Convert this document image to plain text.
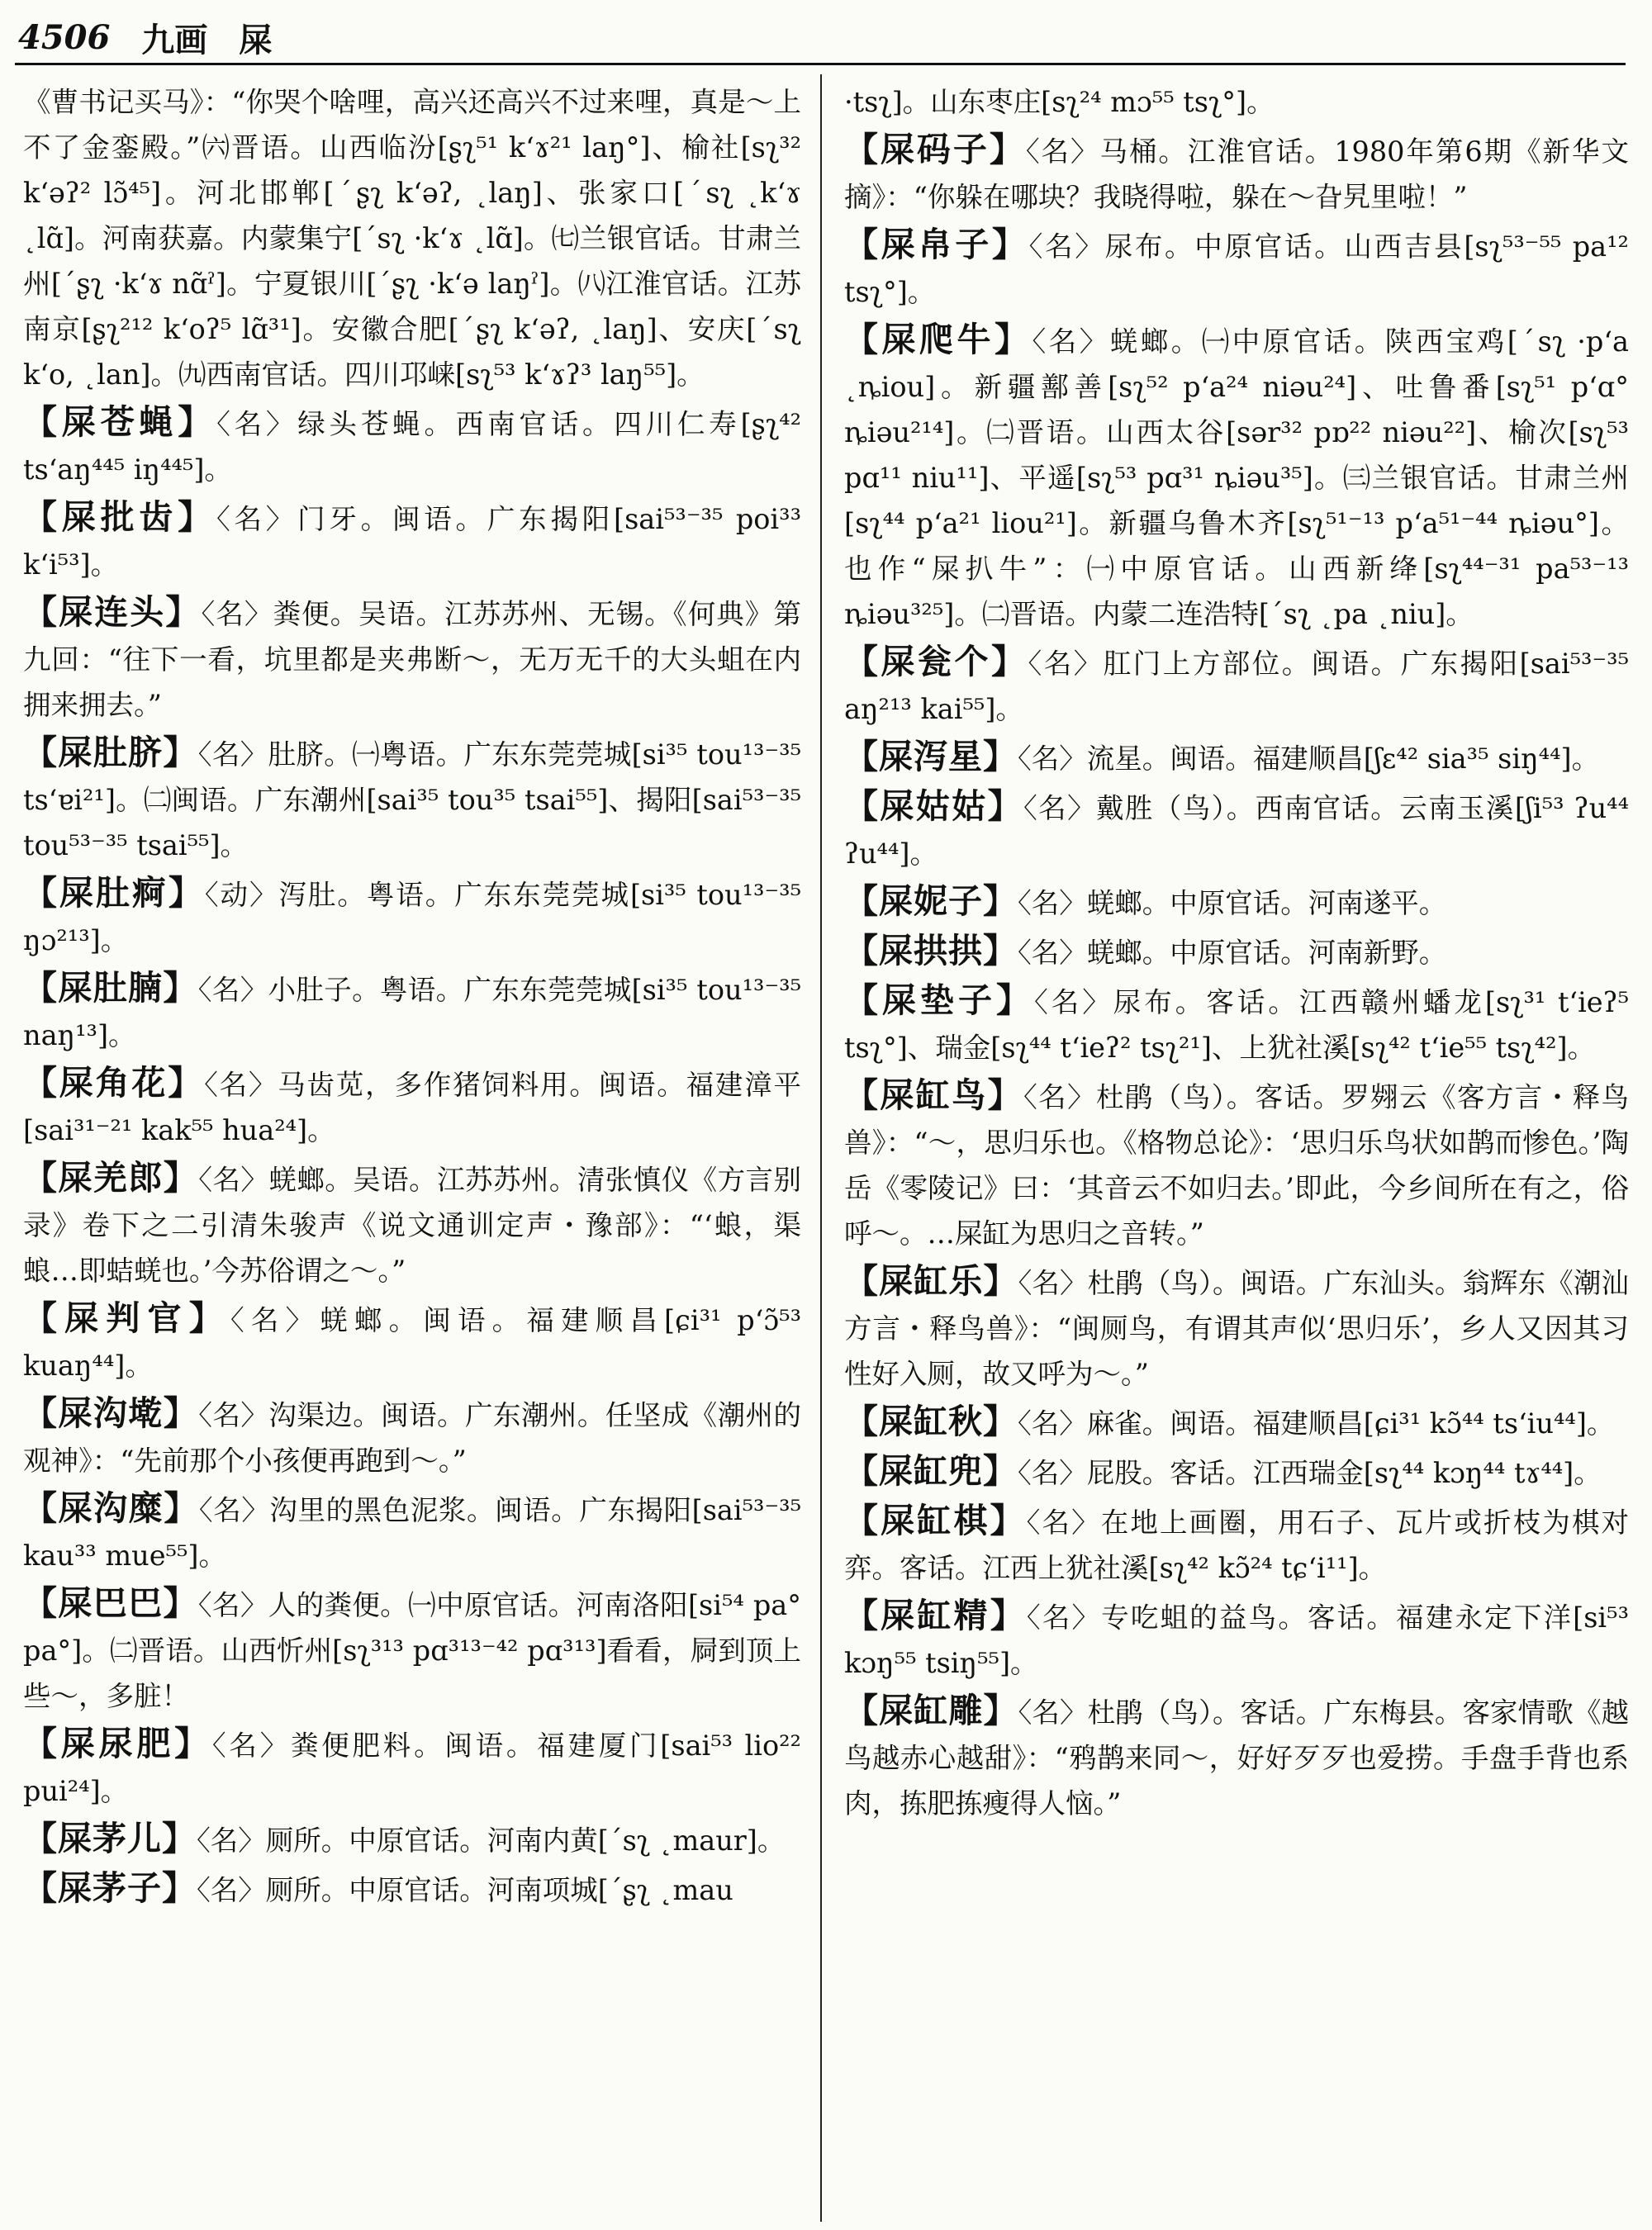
4506 九画 屎

《曹书记买马》：“你哭个啥哩，高兴还高兴不过来哩，真是～上不了金銮殿。”㈥晋语。山西临汾[ʂʅ⁵¹ kʻɤ²¹ laŋ°]、榆社[sʅ³² kʻəʔ² lɔ̃⁴⁵]。河北邯郸[ˊʂʅ kʻəʔ, ˛laŋ]、张家口[ˊsʅ ˛kʻɤ ˛lɑ̃]。河南获嘉。内蒙集宁[ˊsʅ ·kʻɤ ˛lɑ̃]。㈦兰银官话。甘肃兰州[ˊʂʅ ·kʻɤ nɑ̃ˀ]。宁夏银川[ˊʂʅ ·kʻə laŋˀ]。㈧江淮官话。江苏南京[ʂʅ²¹² kʻoʔ⁵ lɑ̃³¹]。安徽合肥[ˊʂʅ kʻəʔ, ˛laŋ]、安庆[ˊsʅ kʻo, ˛lan]。㈨西南官话。四川邛崃[sʅ⁵³ kʻɤʔ³ laŋ⁵⁵]。

【屎苍蝇】〈名〉绿头苍蝇。西南官话。四川仁寿[ʂʅ⁴² tsʻaŋ⁴⁴⁵ iŋ⁴⁴⁵]。

【屎批齿】〈名〉门牙。闽语。广东揭阳[sai⁵³⁻³⁵ poi³³ kʻi⁵³]。

【屎连头】〈名〉粪便。吴语。江苏苏州、无锡。《何典》第九回：“往下一看，坑里都是夹弗断～，无万无千的大头蛆在内拥来拥去。”

【屎肚脐】〈名〉肚脐。㈠粤语。广东东莞莞城[si³⁵ tou¹³⁻³⁵ tsʻɐi²¹]。㈡闽语。广东潮州[sai³⁵ tou³⁵ tsai⁵⁵]、揭阳[sai⁵³⁻³⁵ tou⁵³⁻³⁵ tsai⁵⁵]。

【屎肚痾】〈动〉泻肚。粤语。广东东莞莞城[si³⁵ tou¹³⁻³⁵ ŋɔ²¹³]。

【屎肚腩】〈名〉小肚子。粤语。广东东莞莞城[si³⁵ tou¹³⁻³⁵ naŋ¹³]。

【屎角花】〈名〉马齿苋，多作猪饲料用。闽语。福建漳平[sai³¹⁻²¹ kak⁵⁵ hua²⁴]。

【屎羌郎】〈名〉蜣螂。吴语。江苏苏州。清张慎仪《方言别录》卷下之二引清朱骏声《说文通训定声・豫部》：“‘蜋，渠蜋…即蛣蜣也。’今苏俗谓之～。”

【屎判官】〈名〉蜣螂。闽语。福建顺昌[ɕi³¹ pʻɔ̃⁵³ kuaŋ⁴⁴]。

【屎沟墘】〈名〉沟渠边。闽语。广东潮州。任坚成《潮州的观神》：“先前那个小孩便再跑到～。”

【屎沟糜】〈名〉沟里的黑色泥浆。闽语。广东揭阳[sai⁵³⁻³⁵ kau³³ mue⁵⁵]。

【屎巴巴】〈名〉人的粪便。㈠中原官话。河南洛阳[si⁵⁴ pa° pa°]。㈡晋语。山西忻州[sʅ³¹³ pɑ³¹³⁻⁴² pɑ³¹³]看看，屙到顶上些～，多脏！

【屎尿肥】〈名〉粪便肥料。闽语。福建厦门[sai⁵³ lio²² pui²⁴]。

【屎茅儿】〈名〉厕所。中原官话。河南内黄[ˊsʅ ˛maur]。

【屎茅子】〈名〉厕所。中原官话。河南项城[ˊʂʅ ˛mau

·tsʅ]。山东枣庄[sʅ²⁴ mɔ⁵⁵ tsʅ°]。

【屎码子】〈名〉马桶。江淮官话。1980年第6期《新华文摘》：“你躲在哪块？我晓得啦，躲在～旮旯里啦！”

【屎帛子】〈名〉尿布。中原官话。山西吉县[sʅ⁵³⁻⁵⁵ pa¹² tsʅ°]。

【屎爬牛】〈名〉蜣螂。㈠中原官话。陕西宝鸡[ˊsʅ ·pʻa ˛ȵiou]。新疆鄯善[sʅ⁵² pʻa²⁴ niəu²⁴]、吐鲁番[sʅ⁵¹ pʻɑ° ȵiəu²¹⁴]。㈡晋语。山西太谷[sər³² pɒ²² niəu²²]、榆次[sʅ⁵³ pɑ¹¹ niu¹¹]、平遥[sʅ⁵³ pɑ³¹ ȵiəu³⁵]。㈢兰银官话。甘肃兰州[sʅ⁴⁴ pʻa²¹ liou²¹]。新疆乌鲁木齐[sʅ⁵¹⁻¹³ pʻa⁵¹⁻⁴⁴ ȵiəu°]。也作“屎扒牛”：㈠中原官话。山西新绛[sʅ⁴⁴⁻³¹ pa⁵³⁻¹³ ȵiəu³²⁵]。㈡晋语。内蒙二连浩特[ˊsʅ ˛pa ˛niu]。

【屎瓮个】〈名〉肛门上方部位。闽语。广东揭阳[sai⁵³⁻³⁵ aŋ²¹³ kai⁵⁵]。

【屎泻星】〈名〉流星。闽语。福建顺昌[ʃɛ⁴² sia³⁵ siŋ⁴⁴]。

【屎姑姑】〈名〉戴胜（鸟）。西南官话。云南玉溪[ʃi⁵³ ʔu⁴⁴ ʔu⁴⁴]。

【屎妮子】〈名〉蜣螂。中原官话。河南遂平。

【屎拱拱】〈名〉蜣螂。中原官话。河南新野。

【屎垫子】〈名〉尿布。客话。江西赣州蟠龙[sʅ³¹ tʻieʔ⁵ tsʅ°]、瑞金[sʅ⁴⁴ tʻieʔ² tsʅ²¹]、上犹社溪[sʅ⁴² tʻie⁵⁵ tsʅ⁴²]。

【屎缸鸟】〈名〉杜鹃（鸟）。客话。罗翙云《客方言・释鸟兽》：“～，思归乐也。《格物总论》：‘思归乐鸟状如鹊而惨色。’陶岳《零陵记》曰：‘其音云不如归去。’即此，今乡间所在有之，俗呼～。…屎缸为思归之音转。”

【屎缸乐】〈名〉杜鹃（鸟）。闽语。广东汕头。翁辉东《潮汕方言・释鸟兽》：“闽厕鸟，有谓其声似‘思归乐’，乡人又因其习性好入厕，故又呼为～。”

【屎缸秋】〈名〉麻雀。闽语。福建顺昌[ɕi³¹ kɔ̃⁴⁴ tsʻiu⁴⁴]。

【屎缸兜】〈名〉屁股。客话。江西瑞金[sʅ⁴⁴ kɔŋ⁴⁴ tɤ⁴⁴]。

【屎缸棋】〈名〉在地上画圈，用石子、瓦片或折枝为棋对弈。客话。江西上犹社溪[sʅ⁴² kɔ̃²⁴ tɕʻi¹¹]。

【屎缸精】〈名〉专吃蛆的益鸟。客话。福建永定下洋[si⁵³ kɔŋ⁵⁵ tsiŋ⁵⁵]。

【屎缸雕】〈名〉杜鹃（鸟）。客话。广东梅县。客家情歌《越鸟越赤心越甜》：“鸦鹊来同～，好好歹歹也爱捞。手盘手背也系肉，拣肥拣瘦得人恼。”
